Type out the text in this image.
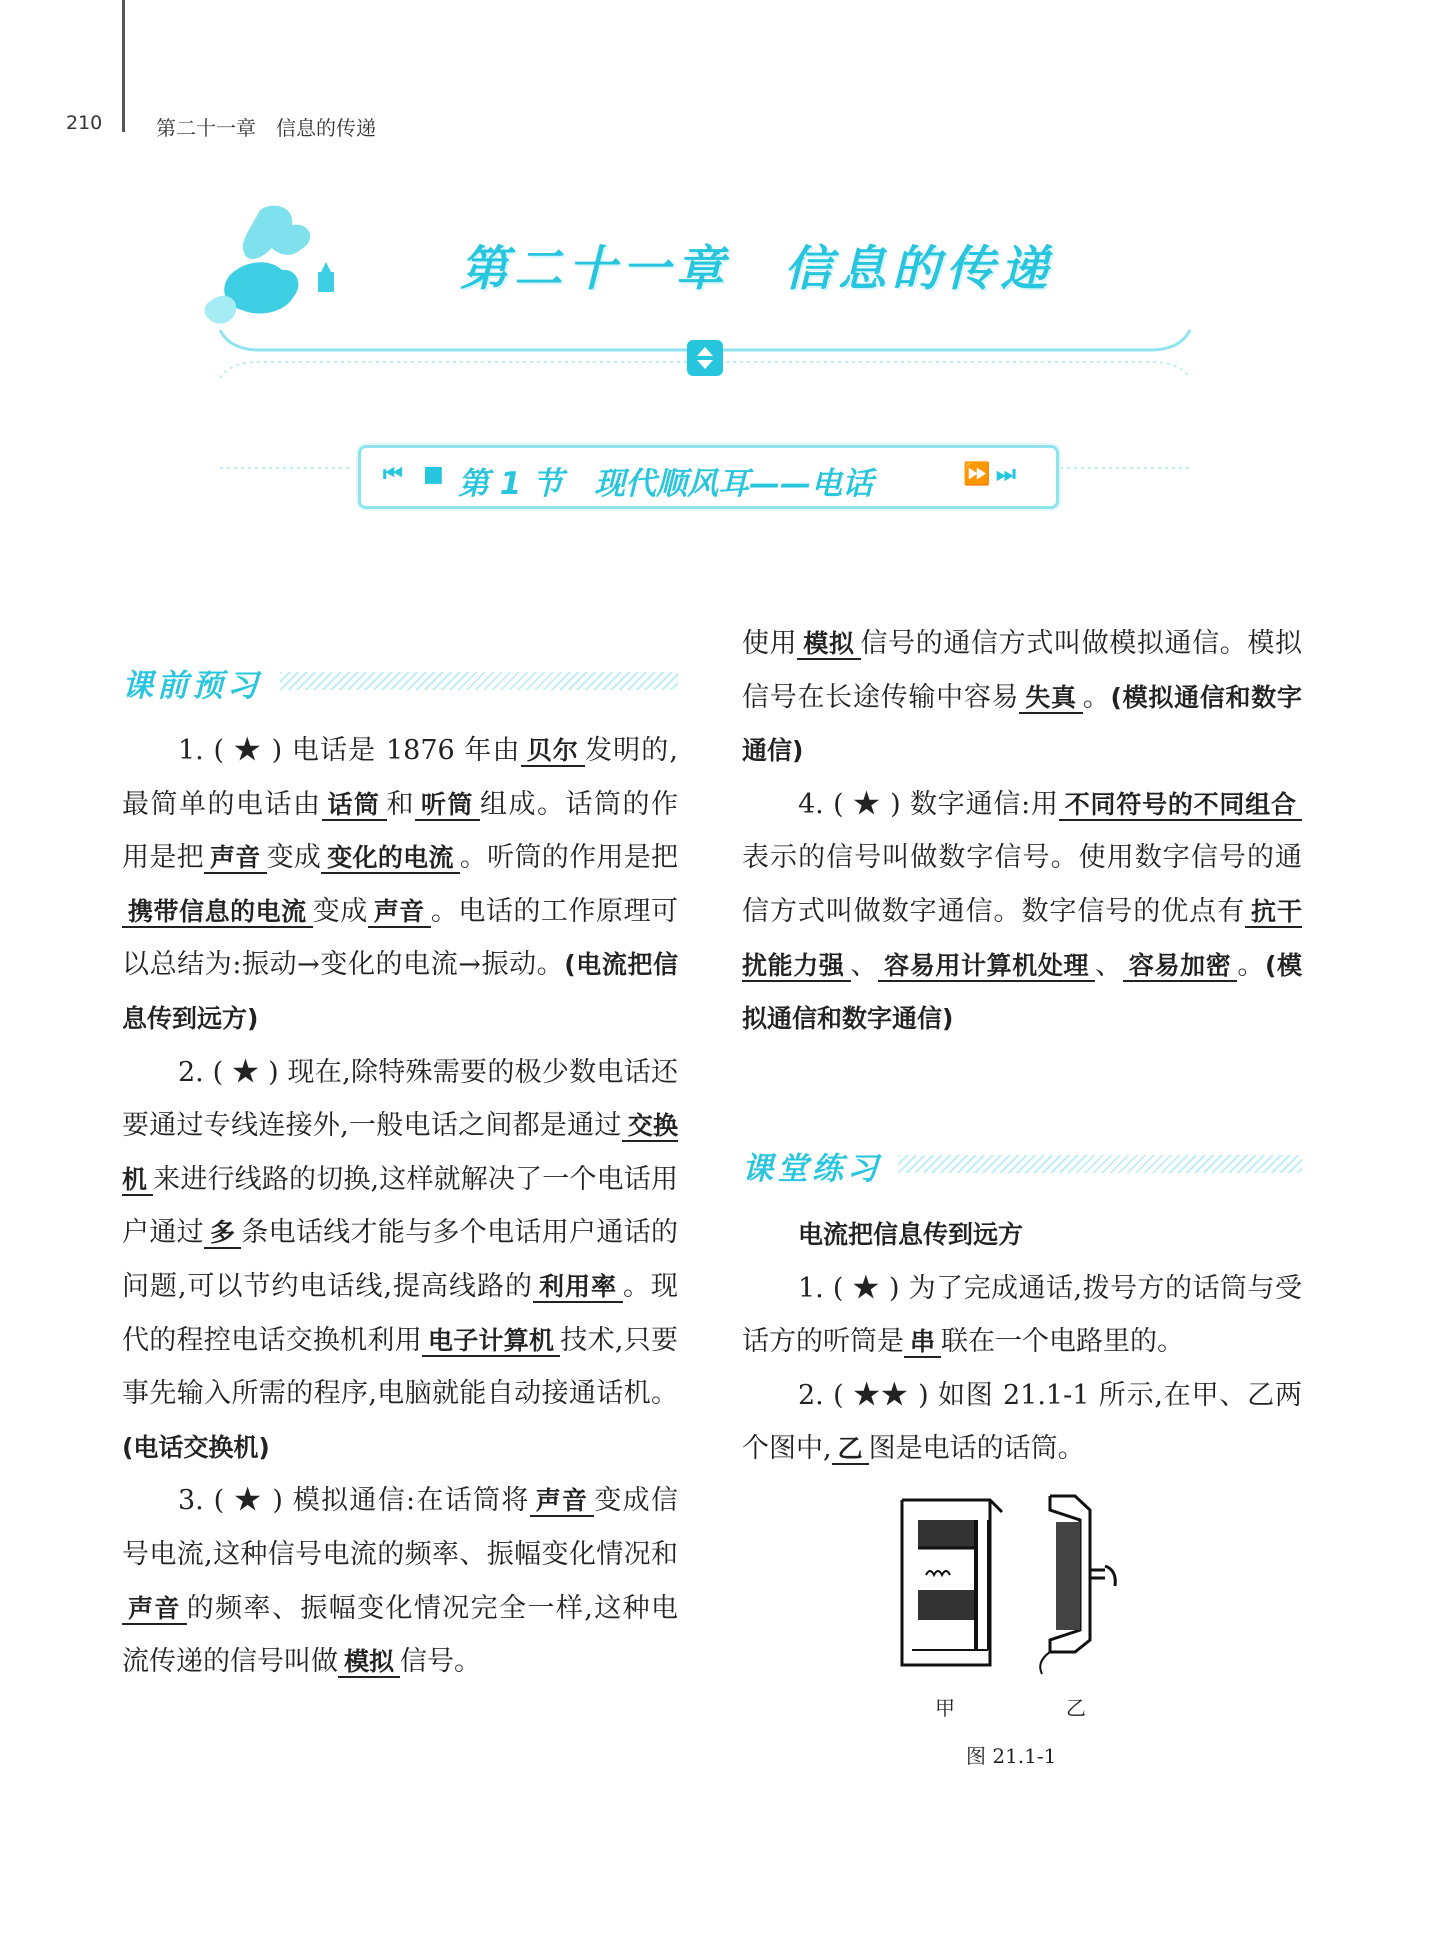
210	第二十一章　信息的传递
第二十一章　信息的传递
⏮ ■ 第 1 节　现代顺风耳——电话	⏩ ⏭
课前预习

1. ( ★ ) 电话是 1876 年由 贝尔 发明的,最简单的电话由 话筒 和 听筒 组成。话筒的作用是把 声音 变成 变化的电流 。听筒的作用是把携带信息的电流 变成 声音 。电话的工作原理可以总结为:振动→变化的电流→振动。(电流把信息传到远方)

2. ( ★ ) 现在,除特殊需要的极少数电话还要通过专线连接外,一般电话之间都是通过 交换机 来进行线路的切换,这样就解决了一个电话用户通过 多 条电话线才能与多个电话用户通话的问题,可以节约电话线,提高线路的 利用率 。现代的程控电话交换机利用 电子计算机 技术,只要事先输入所需的程序,电脑就能自动接通话机。(电话交换机)

3. ( ★ ) 模拟通信:在话筒将 声音 变成信号电流,这种信号电流的频率、振幅变化情况和声音 的频率、振幅变化情况完全一样,这种电流传递的信号叫做 模拟 信号。

使用 模拟 信号的通信方式叫做模拟通信。模拟信号在长途传输中容易 失真 。(模拟通信和数字通信)

4. ( ★ ) 数字通信:用 不同符号的不同组合表示的信号叫做数字信号。使用数字信号的通信方式叫做数字通信。数字信号的优点有 抗干扰能力强 、 容易用计算机处理 、 容易加密 。(模拟通信和数字通信)

课堂练习

电流把信息传到远方

1. ( ★ ) 为了完成通话,拨号方的话筒与受话方的听筒是 串 联在一个电路里的。

2. ( ★★ ) 如图 21.1-1 所示,在甲、乙两个图中, 乙 图是电话的话筒。

甲	乙
图 21.1-1
